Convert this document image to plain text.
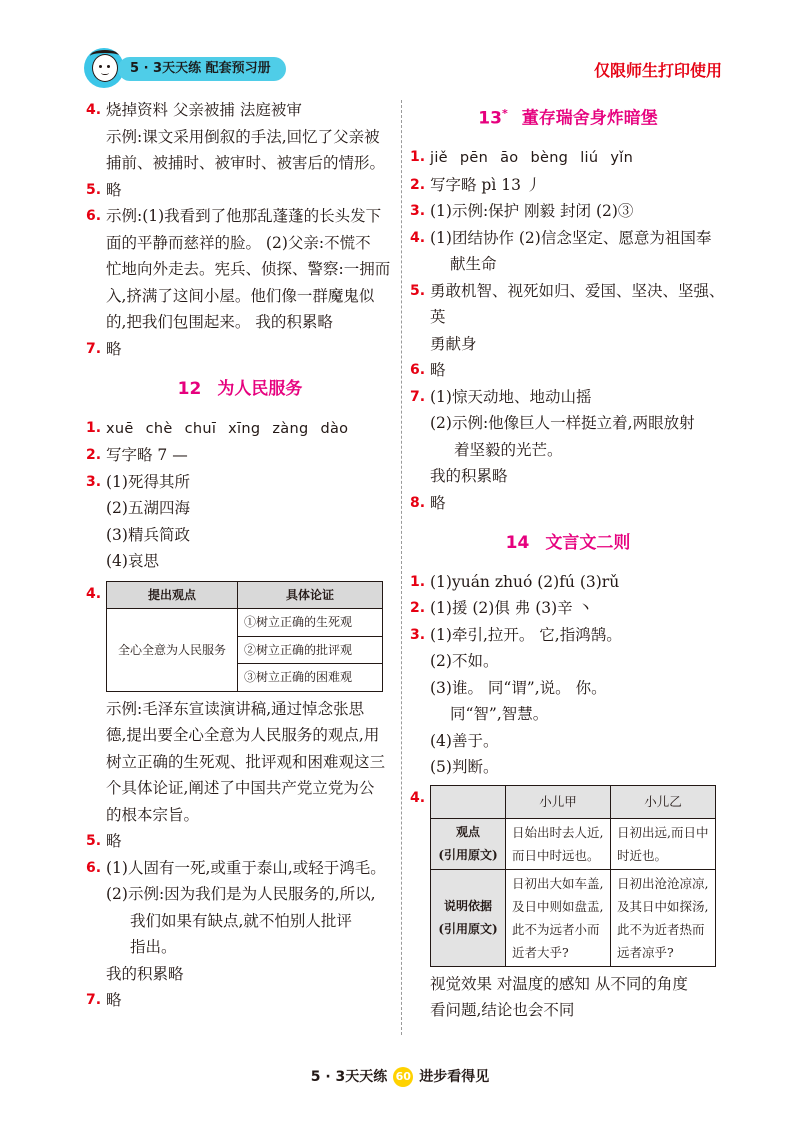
5 · 3天天练 配套预习册	仅限师生打印使用
4. 烧掉资料 父亲被捕 法庭被审
示例:课文采用倒叙的手法,回忆了父亲被
捕前、被捕时、被审时、被害后的情形。
5. 略
6. 示例:(1)我看到了他那乱蓬蓬的长头发下
面的平静而慈祥的脸。 (2)父亲:不慌不
忙地向外走去。宪兵、侦探、警察:一拥而
入,挤满了这间小屋。他们像一群魔鬼似
的,把我们包围起来。 我的积累略
7. 略
12 为人民服务
1. xuē chè chuī xīng zàng dào
2. 写字略 7 —
3. (1)死得其所
(2)五湖四海
(3)精兵简政
(4)哀思
4.	提出观点	具体论证
全心全意为人民服务	①树立正确的生死观
	②树立正确的批评观
	③树立正确的困难观
示例:毛泽东宣读演讲稿,通过悼念张思
德,提出要全心全意为人民服务的观点,用
树立正确的生死观、批评观和困难观这三
个具体论证,阐述了中国共产党立党为公
的根本宗旨。
5. 略
6. (1)人固有一死,或重于泰山,或轻于鸿毛。
(2)示例:因为我们是为人民服务的,所以,
我们如果有缺点,就不怕别人批评
指出。
我的积累略
7. 略
13* 董存瑞舍身炸暗堡
1. jiě pēn āo bèng liú yǐn
2. 写字略 pì 13 丿
3. (1)示例:保护 刚毅 封闭 (2)③
4. (1)团结协作 (2)信念坚定、愿意为祖国奉
献生命
5. 勇敢机智、视死如归、爱国、坚决、坚强、英
勇献身
6. 略
7. (1)惊天动地、地动山摇
(2)示例:他像巨人一样挺立着,两眼放射
着坚毅的光芒。
我的积累略
8. 略
14 文言文二则
1. (1)yuán zhuó (2)fú (3)rǔ
2. (1)援 (2)俱 弗 (3)辛 丶
3. (1)牵引,拉开。 它,指鸿鹄。
(2)不如。
(3)谁。 同“谓”,说。 你。
同“智”,智慧。
(4)善于。
(5)判断。
4.
		小儿甲	小儿乙

观点
(引用原文)	日始出时去人近,而日中时远也。	日初出远,而日中时近也。

说明依据
(引用原文)	日初出大如车盖,及日中则如盘盂,此不为远者小而近者大乎?	日初出沧沧凉凉,及其日中如探汤,此不为近者热而远者凉乎?
视觉效果 对温度的感知 从不同的角度
看问题,结论也会不同
5 · 3天天练 60 进步看得见
